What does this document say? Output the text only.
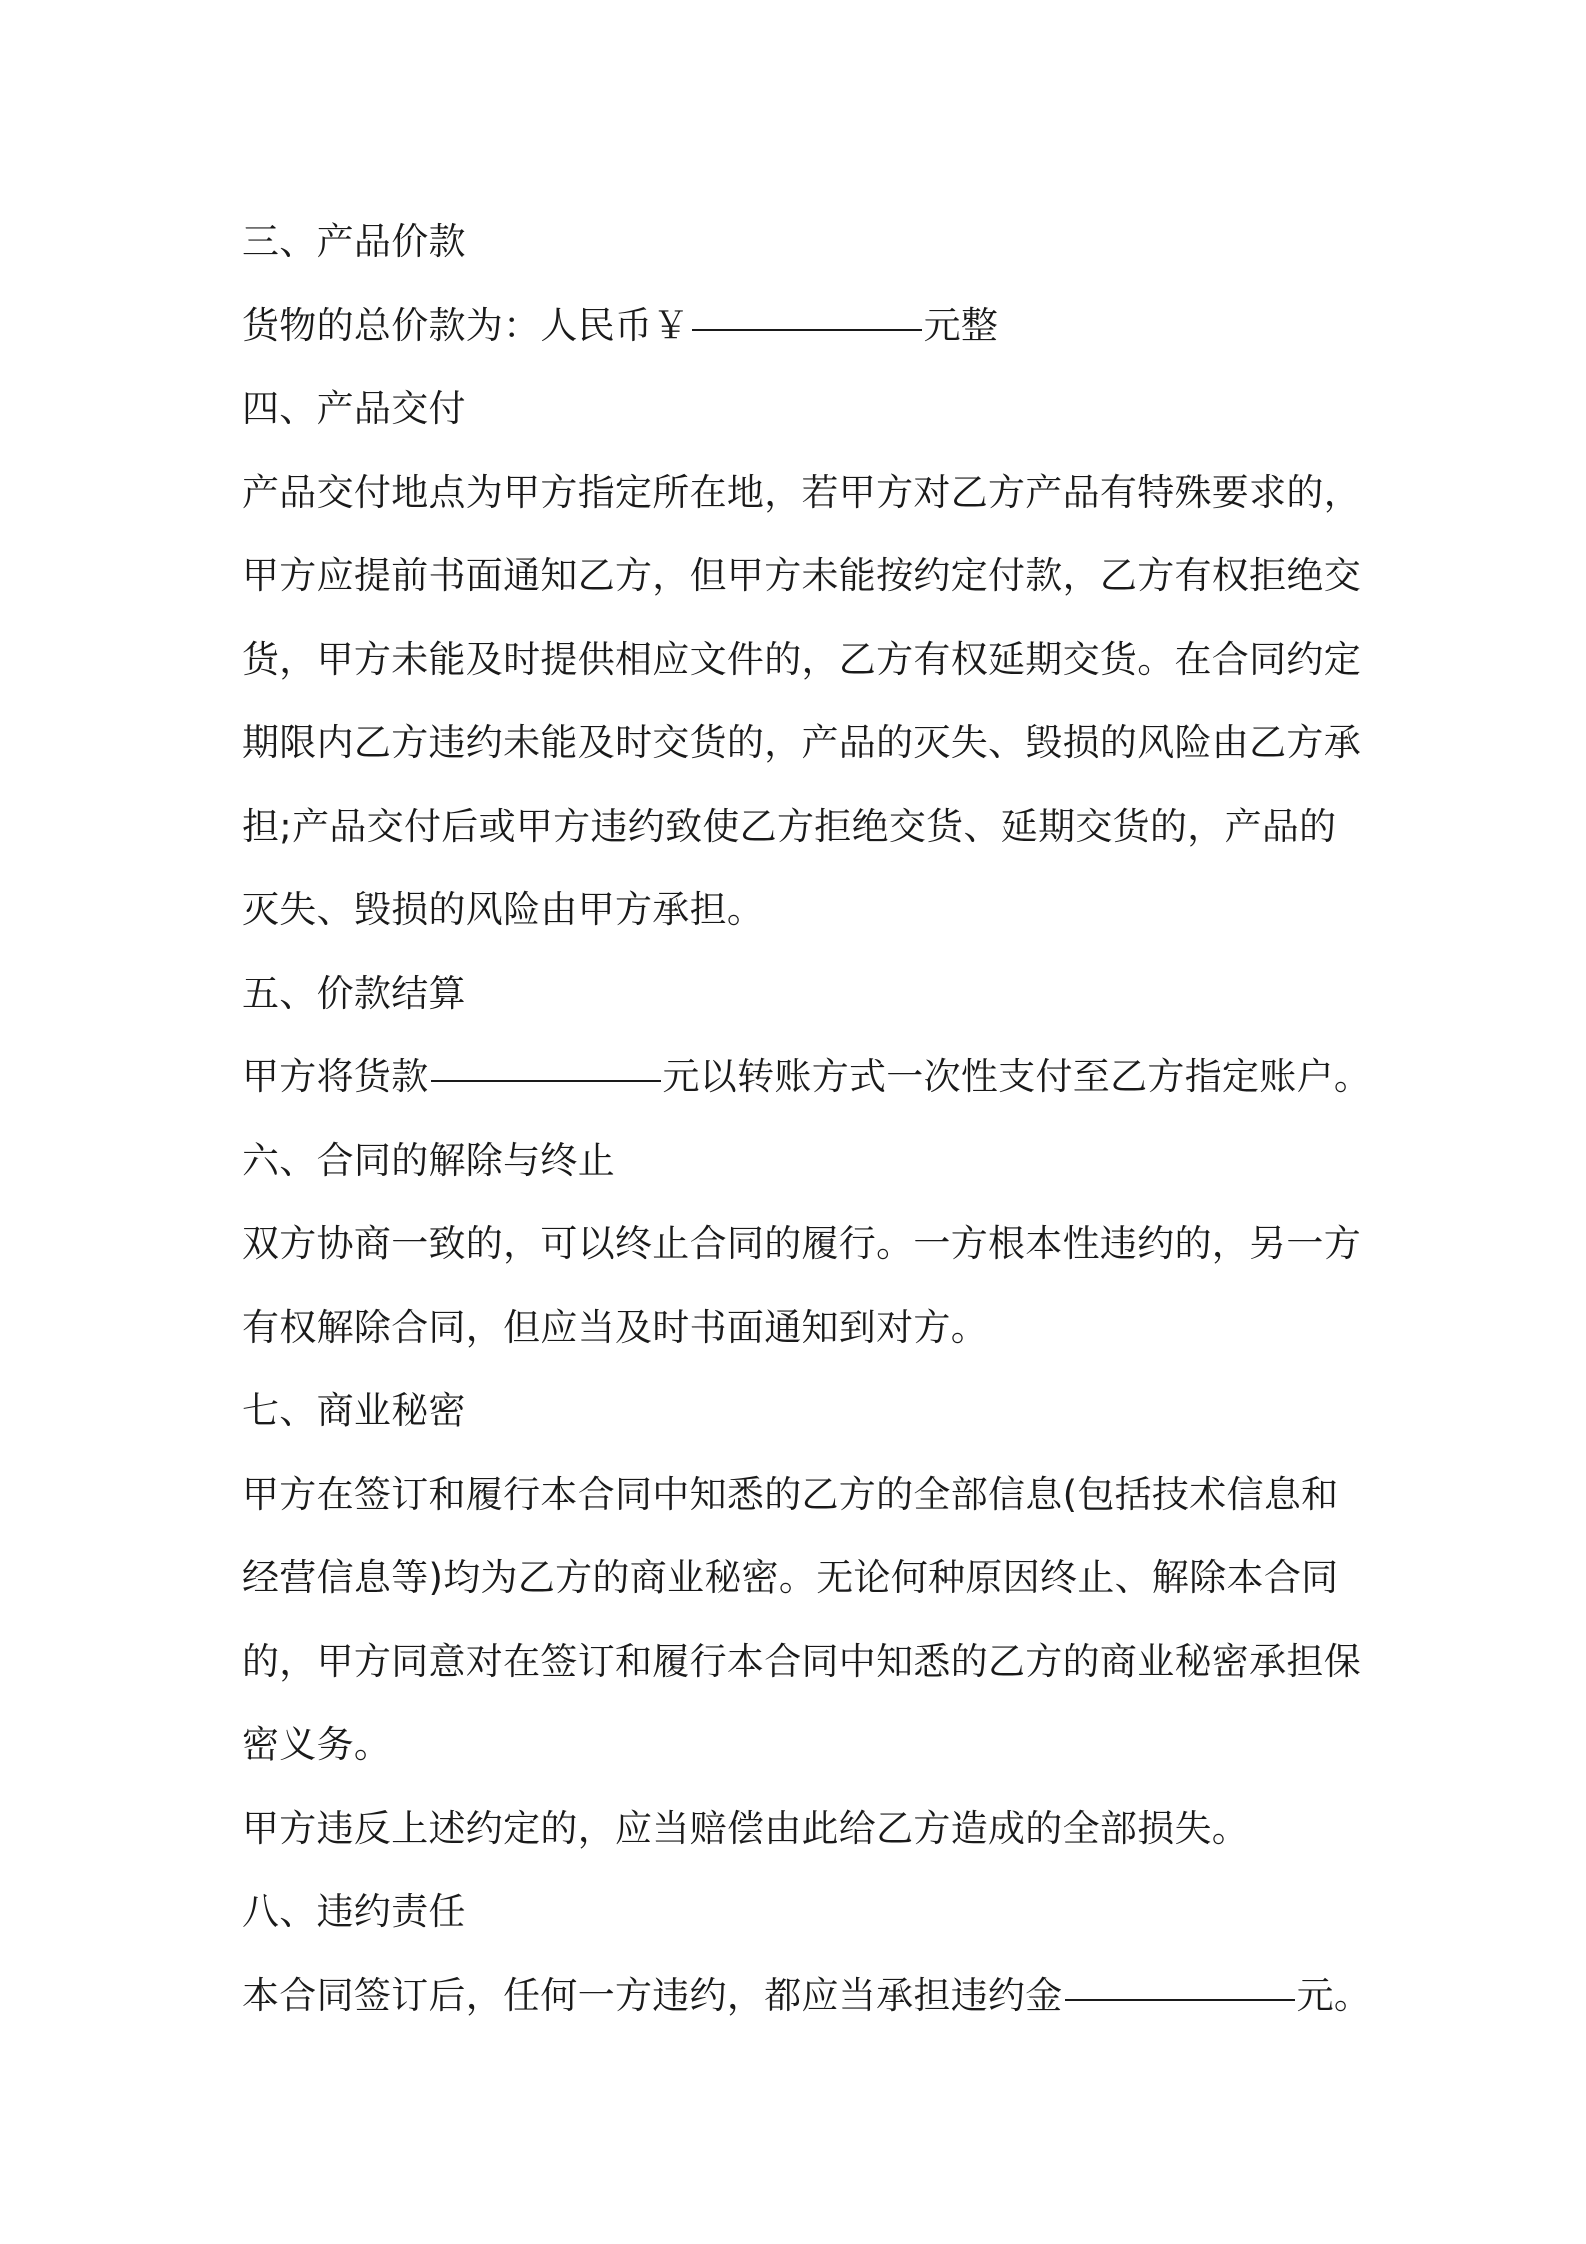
三、产品价款
货物的总价款为：人民币￥	元整
四、产品交付
产品交付地点为甲方指定所在地，若甲方对乙方产品有特殊要求的，
甲方应提前书面通知乙方，但甲方未能按约定付款，乙方有权拒绝交
货，甲方未能及时提供相应文件的，乙方有权延期交货。在合同约定
期限内乙方违约未能及时交货的，产品的灭失、毁损的风险由乙方承
担;产品交付后或甲方违约致使乙方拒绝交货、延期交货的，产品的
灭失、毁损的风险由甲方承担。
五、价款结算
甲方将货款	元以转账方式一次性支付至乙方指定账户。
六、合同的解除与终止
双方协商一致的，可以终止合同的履行。一方根本性违约的，另一方
有权解除合同，但应当及时书面通知到对方。
七、商业秘密
甲方在签订和履行本合同中知悉的乙方的全部信息(包括技术信息和
经营信息等)均为乙方的商业秘密。无论何种原因终止、解除本合同
的，甲方同意对在签订和履行本合同中知悉的乙方的商业秘密承担保
密义务。
甲方违反上述约定的，应当赔偿由此给乙方造成的全部损失。
八、违约责任
本合同签订后，任何一方违约，都应当承担违约金	元。
